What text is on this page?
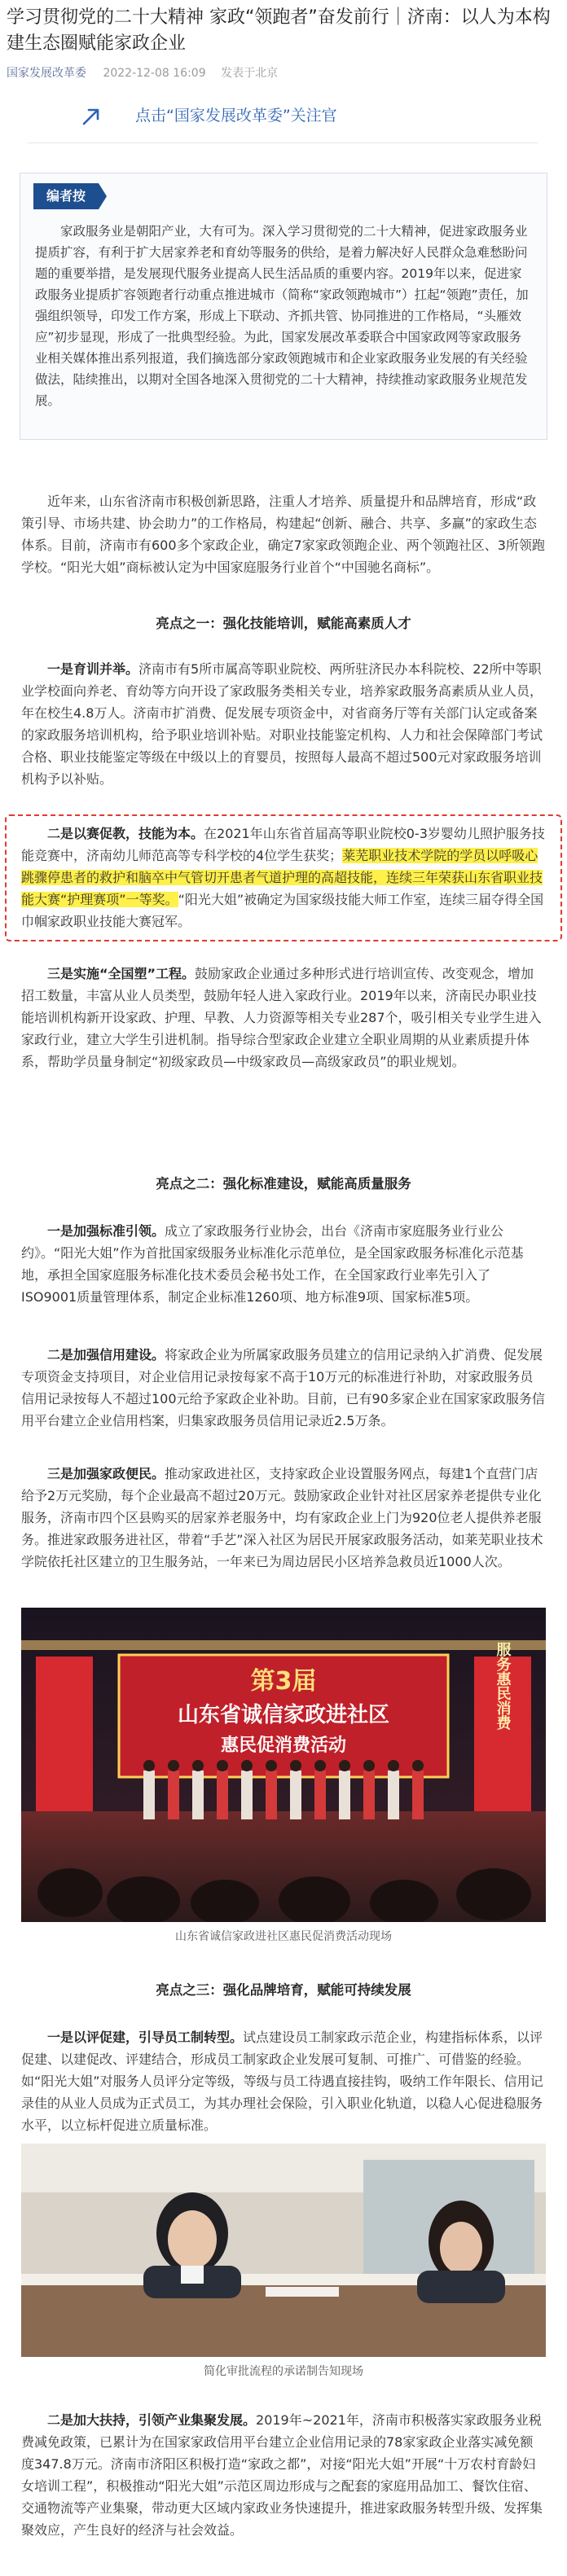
学习贯彻党的二十大精神 家政“领跑者”奋发前行｜济南：以人为本构建生态圈赋能家政企业
国家发展改革委 2022-12-08 16:09 发表于北京
点击“国家发展改革委”关注官
编者按
家政服务业是朝阳产业，大有可为。深入学习贯彻党的二十大精神，促进家政服务业提质扩容，有利于扩大居家养老和育幼等服务的供给，是着力解决好人民群众急难愁盼问题的重要举措，是发展现代服务业提高人民生活品质的重要内容。2019年以来，促进家政服务业提质扩容领跑者行动重点推进城市（简称“家政领跑城市”）扛起“领跑”责任，加强组织领导，印发工作方案，形成上下联动、齐抓共管、协同推进的工作格局，“头雁效应”初步显现，形成了一批典型经验。为此，国家发展改革委联合中国家政网等家政服务业相关媒体推出系列报道，我们摘选部分家政领跑城市和企业家政服务业发展的有关经验做法，陆续推出，以期对全国各地深入贯彻党的二十大精神，持续推动家政服务业规范发展。
近年来，山东省济南市积极创新思路，注重人才培养、质量提升和品牌培育，形成“政策引导、市场共建、协会助力”的工作格局，构建起“创新、融合、共享、多赢”的家政生态体系。目前，济南市有600多个家政企业，确定7家家政领跑企业、两个领跑社区、3所领跑学校。“阳光大姐”商标被认定为中国家庭服务行业首个“中国驰名商标”。
亮点之一：强化技能培训，赋能高素质人才
一是育训并举。济南市有5所市属高等职业院校、两所驻济民办本科院校、22所中等职业学校面向养老、育幼等方向开设了家政服务类相关专业，培养家政服务高素质从业人员，年在校生4.8万人。济南市扩消费、促发展专项资金中，对省商务厅等有关部门认定或备案的家政服务培训机构，给予职业培训补贴。对职业技能鉴定机构、人力和社会保障部门考试合格、职业技能鉴定等级在中级以上的育婴员，按照每人最高不超过500元对家政服务培训机构予以补贴。
二是以赛促教，技能为本。在2021年山东省首届高等职业院校0-3岁婴幼儿照护服务技能竞赛中，济南幼儿师范高等专科学校的4位学生获奖；莱芜职业技术学院的学员以呼吸心跳骤停患者的救护和脑卒中气管切开患者气道护理的高超技能，连续三年荣获山东省职业技能大赛“护理赛项”一等奖。“阳光大姐”被确定为国家级技能大师工作室，连续三届夺得全国巾帼家政职业技能大赛冠军。
三是实施“全国塑”工程。鼓励家政企业通过多种形式进行培训宣传、改变观念，增加招工数量，丰富从业人员类型，鼓励年轻人进入家政行业。2019年以来，济南民办职业技能培训机构新开设家政、护理、早教、人力资源等相关专业287个，吸引相关专业学生进入家政行业，建立大学生引进机制。指导综合型家政企业建立全职业周期的从业素质提升体系，帮助学员量身制定“初级家政员—中级家政员—高级家政员”的职业规划。
亮点之二：强化标准建设，赋能高质量服务
一是加强标准引领。成立了家政服务行业协会，出台《济南市家庭服务业行业公约》。“阳光大姐”作为首批国家级服务业标准化示范单位，是全国家政服务标准化示范基地，承担全国家庭服务标准化技术委员会秘书处工作，在全国家政行业率先引入了ISO9001质量管理体系，制定企业标准1260项、地方标准9项、国家标准5项。
二是加强信用建设。将家政企业为所属家政服务员建立的信用记录纳入扩消费、促发展专项资金支持项目，对企业信用记录按每家不高于10万元的标准进行补助，对家政服务员信用记录按每人不超过100元给予家政企业补助。目前，已有90多家企业在国家家政服务信用平台建立企业信用档案，归集家政服务员信用记录近2.5万条。
三是加强家政便民。推动家政进社区，支持家政企业设置服务网点，每建1个直营门店给予2万元奖励，每个企业最高不超过20万元。鼓励家政企业针对社区居家养老提供专业化服务，济南市四个区县购买的居家养老服务中，均有家政企业上门为920位老人提供养老服务。推进家政服务进社区，带着“手艺”深入社区为居民开展家政服务活动，如莱芜职业技术学院依托社区建立的卫生服务站，一年来已为周边居民小区培养急救员近1000人次。
第3届
山东省诚信家政进社区
惠民促消费活动
服务惠民消费
山东省诚信家政进社区惠民促消费活动现场
亮点之三：强化品牌培育，赋能可持续发展
一是以评促建，引导员工制转型。试点建设员工制家政示范企业，构建指标体系，以评促建、以建促改、评建结合，形成员工制家政企业发展可复制、可推广、可借鉴的经验。如“阳光大姐”对服务人员评分定等级，等级与员工待遇直接挂钩，吸纳工作年限长、信用记录佳的从业人员成为正式员工，为其办理社会保险，引入职业化轨道，以稳人心促进稳服务水平，以立标杆促进立质量标准。
简化审批流程的承诺制告知现场
二是加大扶持，引领产业集聚发展。2019年~2021年，济南市积极落实家政服务业税费减免政策，已累计为在国家家政信用平台建立企业信用记录的78家家政企业落实减免额度347.8万元。济南市济阳区积极打造“家政之都”，对接“阳光大姐”开展“十万农村育龄妇女培训工程”，积极推动“阳光大姐”示范区周边形成与之配套的家庭用品加工、餐饮住宿、交通物流等产业集聚，带动更大区域内家政业务快速提升，推进家政服务转型升级、发挥集聚效应，产生良好的经济与社会效益。
